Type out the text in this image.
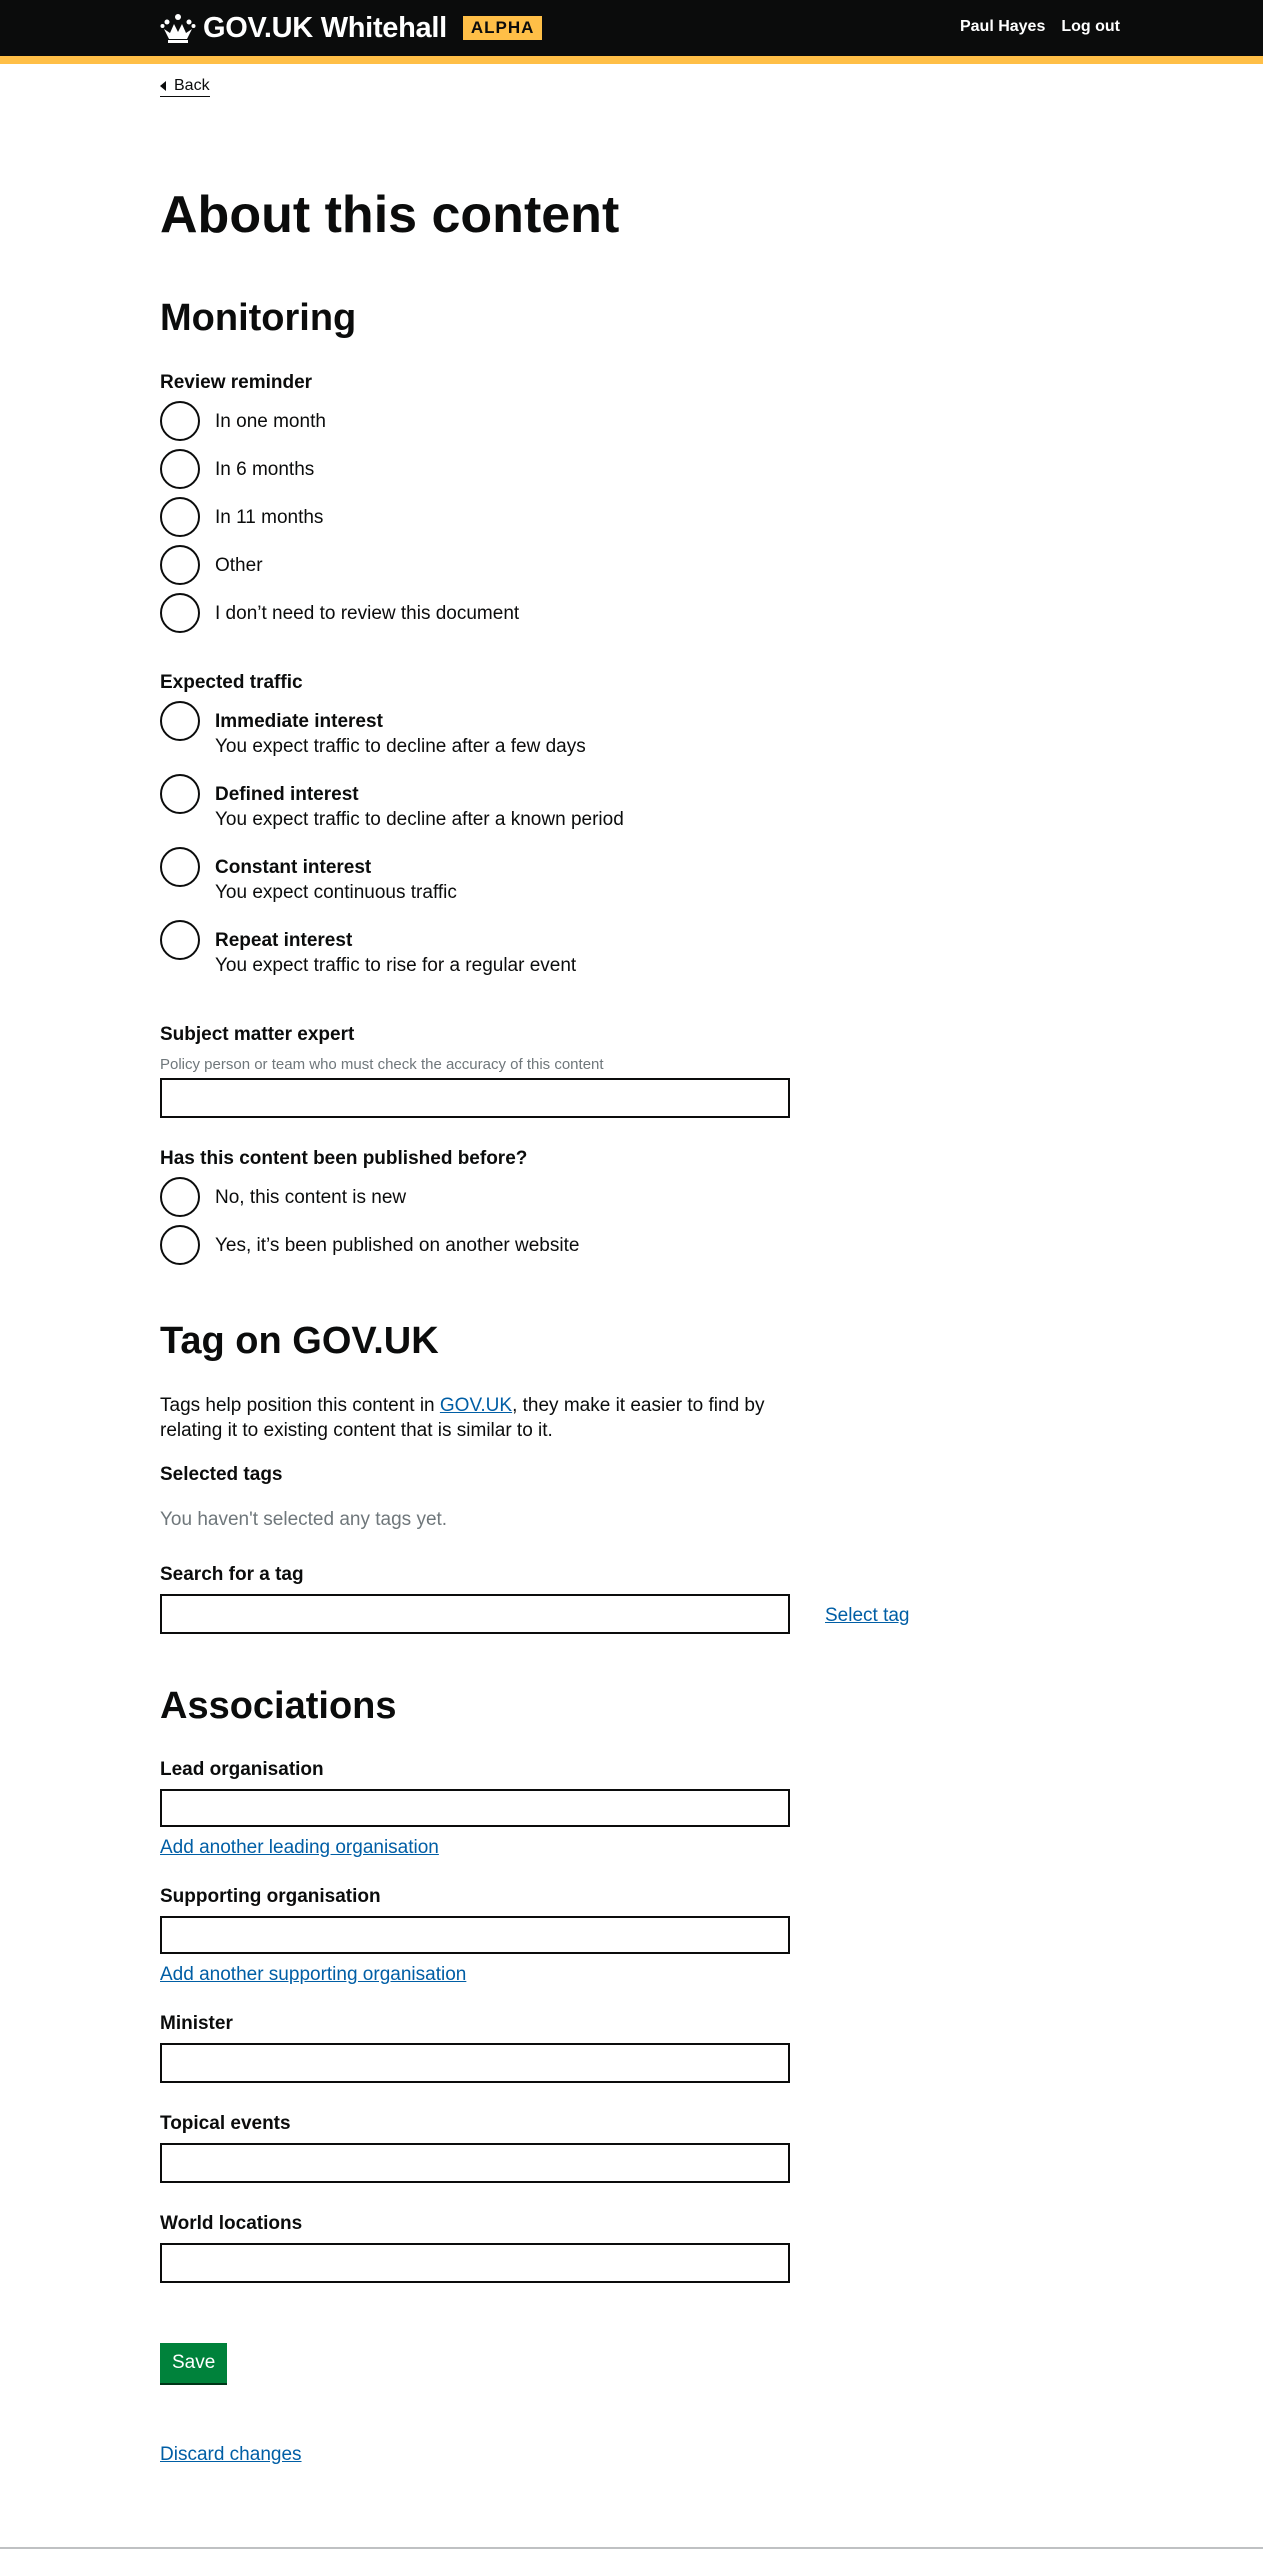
GOV.UK Whitehall	ALPHA	Paul Hayes Log out
Back
About this content
Monitoring
Review reminder
In one month
In 6 months
In 11 months
Other
I don’t need to review this document
Expected traffic
Immediate interest
You expect traffic to decline after a few days
Defined interest
You expect traffic to decline after a known period
Constant interest
You expect continuous traffic
Repeat interest
You expect traffic to rise for a regular event
Subject matter expert
Policy person or team who must check the accuracy of this content
Has this content been published before?
No, this content is new
Yes, it’s been published on another website
Tag on GOV.UK

Tags help position this content in GOV.UK, they make it easier to find by relating it to existing content that is similar to it.

Selected tags
You haven't selected any tags yet.
Search for a tag
Select tag
Associations
Lead organisation
Add another leading organisation
Supporting organisation
Add another supporting organisation
Minister
Topical events
World locations
Save
Discard changes
